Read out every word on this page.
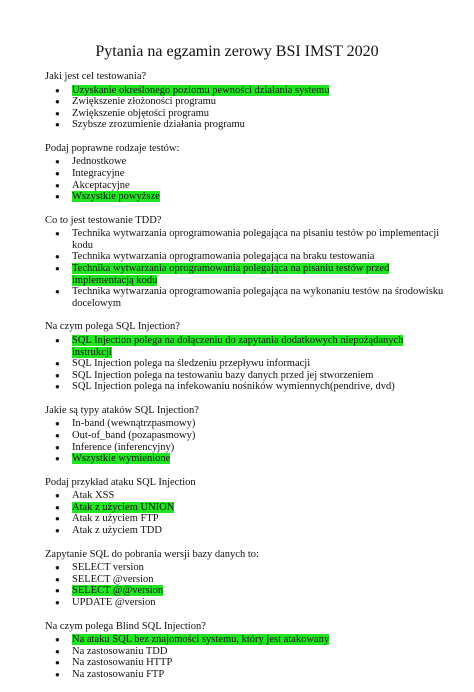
Pytania na egzamin zerowy BSI IMST 2020
Jaki jest cel testowania?
● Uzyskanie określonego poziomu pewności działania systemu
● Zwiększenie złożoności programu
● Zwiększenie objętości programu
● Szybsze zrozumienie działania programu
Podaj poprawne rodzaje testów:
● Jednostkowe
● Integracyjne
● Akceptacyjne
● Wszystkie powyższe
Co to jest testowanie TDD?
● Technika wytwarzania oprogramowania polegająca na pisaniu testów po implementacji kodu
● Technika wytwarzania oprogramowania polegająca na braku testowania
● Technika wytwarzania oprogramowania polegająca na pisaniu testów przed implementacją kodu
● Technika wytwarzania oprogramowania polegająca na wykonaniu testów na środowisku docelowym
Na czym polega SQL Injection?
● SQL Injection polega na dołączeniu do zapytania dodatkowych niepożądanych instrukcji
● SQL Injection polega na śledzeniu przepływu informacji
● SQL Injection polega na testowaniu bazy danych przed jej stworzeniem
● SQL Injection polega na infekowaniu nośników wymiennych(pendrive, dvd)
Jakie są typy ataków SQL Injection?
● In-band (wewnątrzpasmowy)
● Out-of_band (pozapasmowy)
● Inference (inferencyjny)
● Wszystkie wymienione
Podaj przykład ataku SQL Injection
● Atak XSS
● Atak z użyciem UNION
● Atak z użyciem FTP
● Atak z użyciem TDD
Zapytanie SQL do pobrania wersji bazy danych to:
● SELECT version
● SELECT @version
● SELECT @@version
● UPDATE @version
Na czym polega Blind SQL Injection?
● Na ataku SQL bez znajomości systemu, który jest atakowany
● Na zastosowaniu TDD
● Na zastosowaniu HTTP
● Na zastosowaniu FTP
